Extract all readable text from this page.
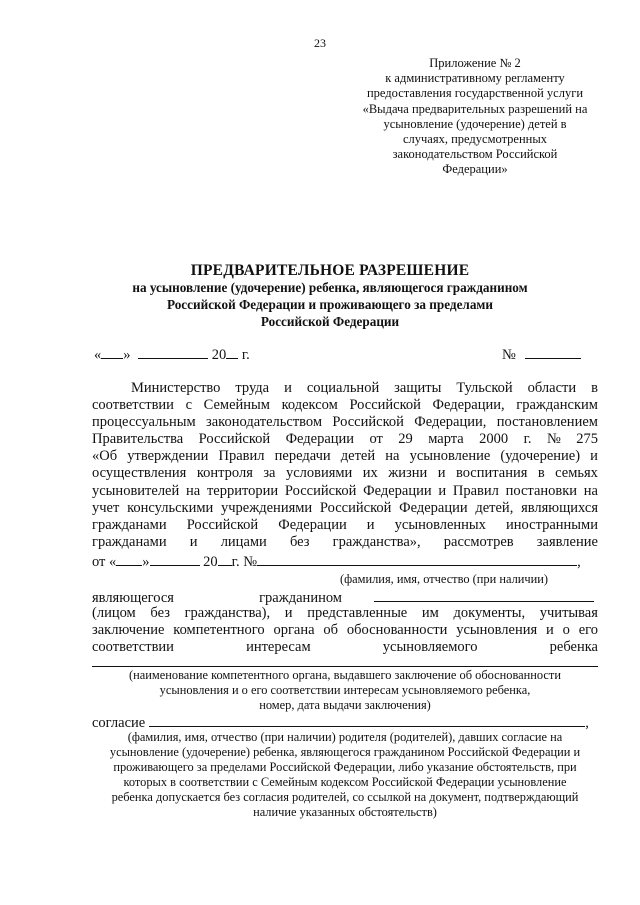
23
Приложение № 2
к административному регламенту
предоставления государственной услуги
«Выдача предварительных разрешений на
усыновление (удочерение) детей в
случаях, предусмотренных
законодательством Российской
Федерации»
ПРЕДВАРИТЕЛЬНОЕ РАЗРЕШЕНИЕ
на усыновление (удочерение) ребенка, являющегося гражданином
Российской Федерации и проживающего за пределами
Российской Федерации
« »	20 г.	№
Министерство труда и социальной защиты Тульской области в
соответствии с Семейным кодексом Российской Федерации, гражданским
процессуальным законодательством Российской Федерации, постановлением
Правительства Российской Федерации от 29 марта 2000 г. № 275
«Об утверждении Правил передачи детей на усыновление (удочерение) и
осуществления контроля за условиями их жизни и воспитания в семьях
усыновителей на территории Российской Федерации и Правил постановки на
учет консульскими учреждениями Российской Федерации детей, являющихся
гражданами Российской Федерации и усыновленных иностранными
гражданами и лицами без гражданства», рассмотрев заявление
от « »	20 г. №	,
(фамилия, имя, отчество (при наличии)
являющегося	гражданином

(лицом без гражданства), и представленные им документы, учитывая
заключение компетентного органа об обоснованности усыновления и о его
соответствии	интересам	усыновляемого	ребенка
(наименование компетентного органа, выдавшего заключение об обоснованности
усыновления и о его соответствии интересам усыновляемого ребенка,
номер, дата выдачи заключения)
согласие	,
(фамилия, имя, отчество (при наличии) родителя (родителей), давших согласие на
усыновление (удочерение) ребенка, являющегося гражданином Российской Федерации и
проживающего за пределами Российской Федерации, либо указание обстоятельств, при
которых в соответствии с Семейным кодексом Российской Федерации усыновление
ребенка допускается без согласия родителей, со ссылкой на документ, подтверждающий
наличие указанных обстоятельств)
